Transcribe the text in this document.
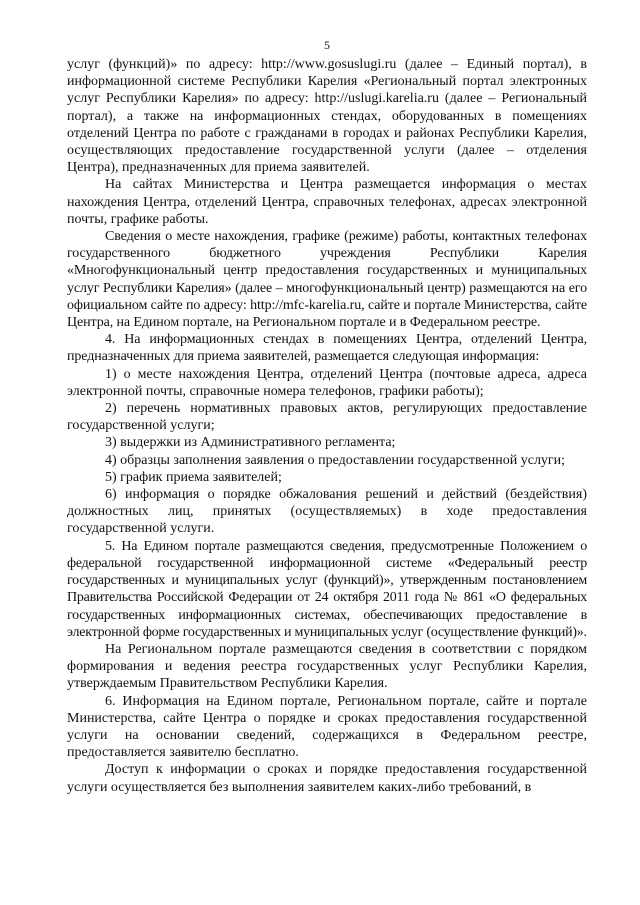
5

услуг (функций)» по адресу: http://www.gosuslugi.ru (далее – Единый портал), в информационной системе Республики Карелия «Региональный портал электронных услуг Республики Карелия» по адресу: http://uslugi.karelia.ru (далее – Региональный портал), а также на информационных стендах, оборудованных в помещениях отделений Центра по работе с гражданами в городах и районах Республики Карелия, осуществляющих предоставление государственной услуги (далее – отделения Центра), предназначенных для приема заявителей.

На сайтах Министерства и Центра размещается информация о местах нахождения Центра, отделений Центра, справочных телефонах, адресах электронной почты, графике работы.

Сведения о месте нахождения, графике (режиме) работы, контактных телефонах государственного бюджетного учреждения Республики Карелия «Многофункциональный центр предоставления государственных и муниципальных услуг Республики Карелия» (далее – многофункциональный центр) размещаются на его официальном сайте по адресу: http://mfc-karelia.ru, сайте и портале Министерства, сайте Центра, на Едином портале, на Региональном портале и в Федеральном реестре.

4. На информационных стендах в помещениях Центра, отделений Центра, предназначенных для приема заявителей, размещается следующая информация:

1) о месте нахождения Центра, отделений Центра (почтовые адреса, адреса электронной почты, справочные номера телефонов, графики работы);

2) перечень нормативных правовых актов, регулирующих предоставление государственной услуги;

3) выдержки из Административного регламента;

4) образцы заполнения заявления о предоставлении государственной услуги;

5) график приема заявителей;

6) информация о порядке обжалования решений и действий (бездействия) должностных лиц, принятых (осуществляемых) в ходе предоставления государственной услуги.

5. На Едином портале размещаются сведения, предусмотренные Положением о федеральной государственной информационной системе «Федеральный реестр государственных и муниципальных услуг (функций)», утвержденным постановлением Правительства Российской Федерации от 24 октября 2011 года № 861 «О федеральных государственных информационных системах, обеспечивающих предоставление в электронной форме государственных и муниципальных услуг (осуществление функций)».

На Региональном портале размещаются сведения в соответствии с порядком формирования и ведения реестра государственных услуг Республики Карелия, утверждаемым Правительством Республики Карелия.

6. Информация на Едином портале, Региональном портале, сайте и портале Министерства, сайте Центра о порядке и сроках предоставления государственной услуги на основании сведений, содержащихся в Федеральном реестре, предоставляется заявителю бесплатно.

Доступ к информации о сроках и порядке предоставления государственной услуги осуществляется без выполнения заявителем каких-либо требований, в
